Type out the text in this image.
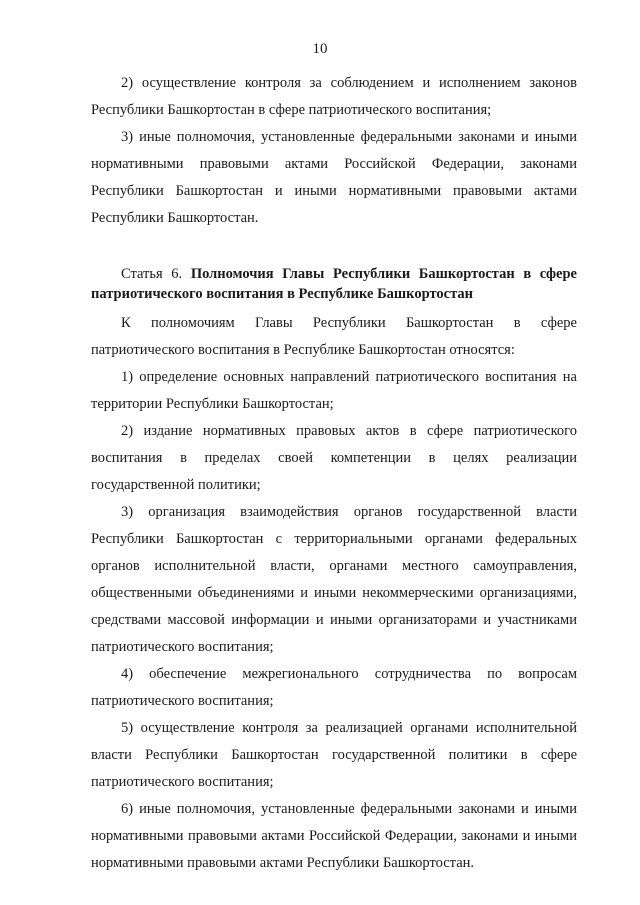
10

2) осуществление контроля за соблюдением и исполнением законов Республики Башкортостан в сфере патриотического воспитания;

3) иные полномочия, установленные федеральными законами и иными нормативными правовыми актами Российской Федерации, законами Республики Башкортостан и иными нормативными правовыми актами Республики Башкортостан.

Статья 6. Полномочия Главы Республики Башкортостан в сфере патриотического воспитания в Республике Башкортостан

К полномочиям Главы Республики Башкортостан в сфере патриотического воспитания в Республике Башкортостан относятся:

1) определение основных направлений патриотического воспитания на территории Республики Башкортостан;

2) издание нормативных правовых актов в сфере патриотического воспитания в пределах своей компетенции в целях реализации государственной политики;

3) организация взаимодействия органов государственной власти Республики Башкортостан с территориальными органами федеральных органов исполнительной власти, органами местного самоуправления, общественными объединениями и иными некоммерческими организациями, средствами массовой информации и иными организаторами и участниками патриотического воспитания;

4) обеспечение межрегионального сотрудничества по вопросам патриотического воспитания;

5) осуществление контроля за реализацией органами исполнительной власти Республики Башкортостан государственной политики в сфере патриотического воспитания;

6) иные полномочия, установленные федеральными законами и иными нормативными правовыми актами Российской Федерации, законами и иными нормативными правовыми актами Республики Башкортостан.
